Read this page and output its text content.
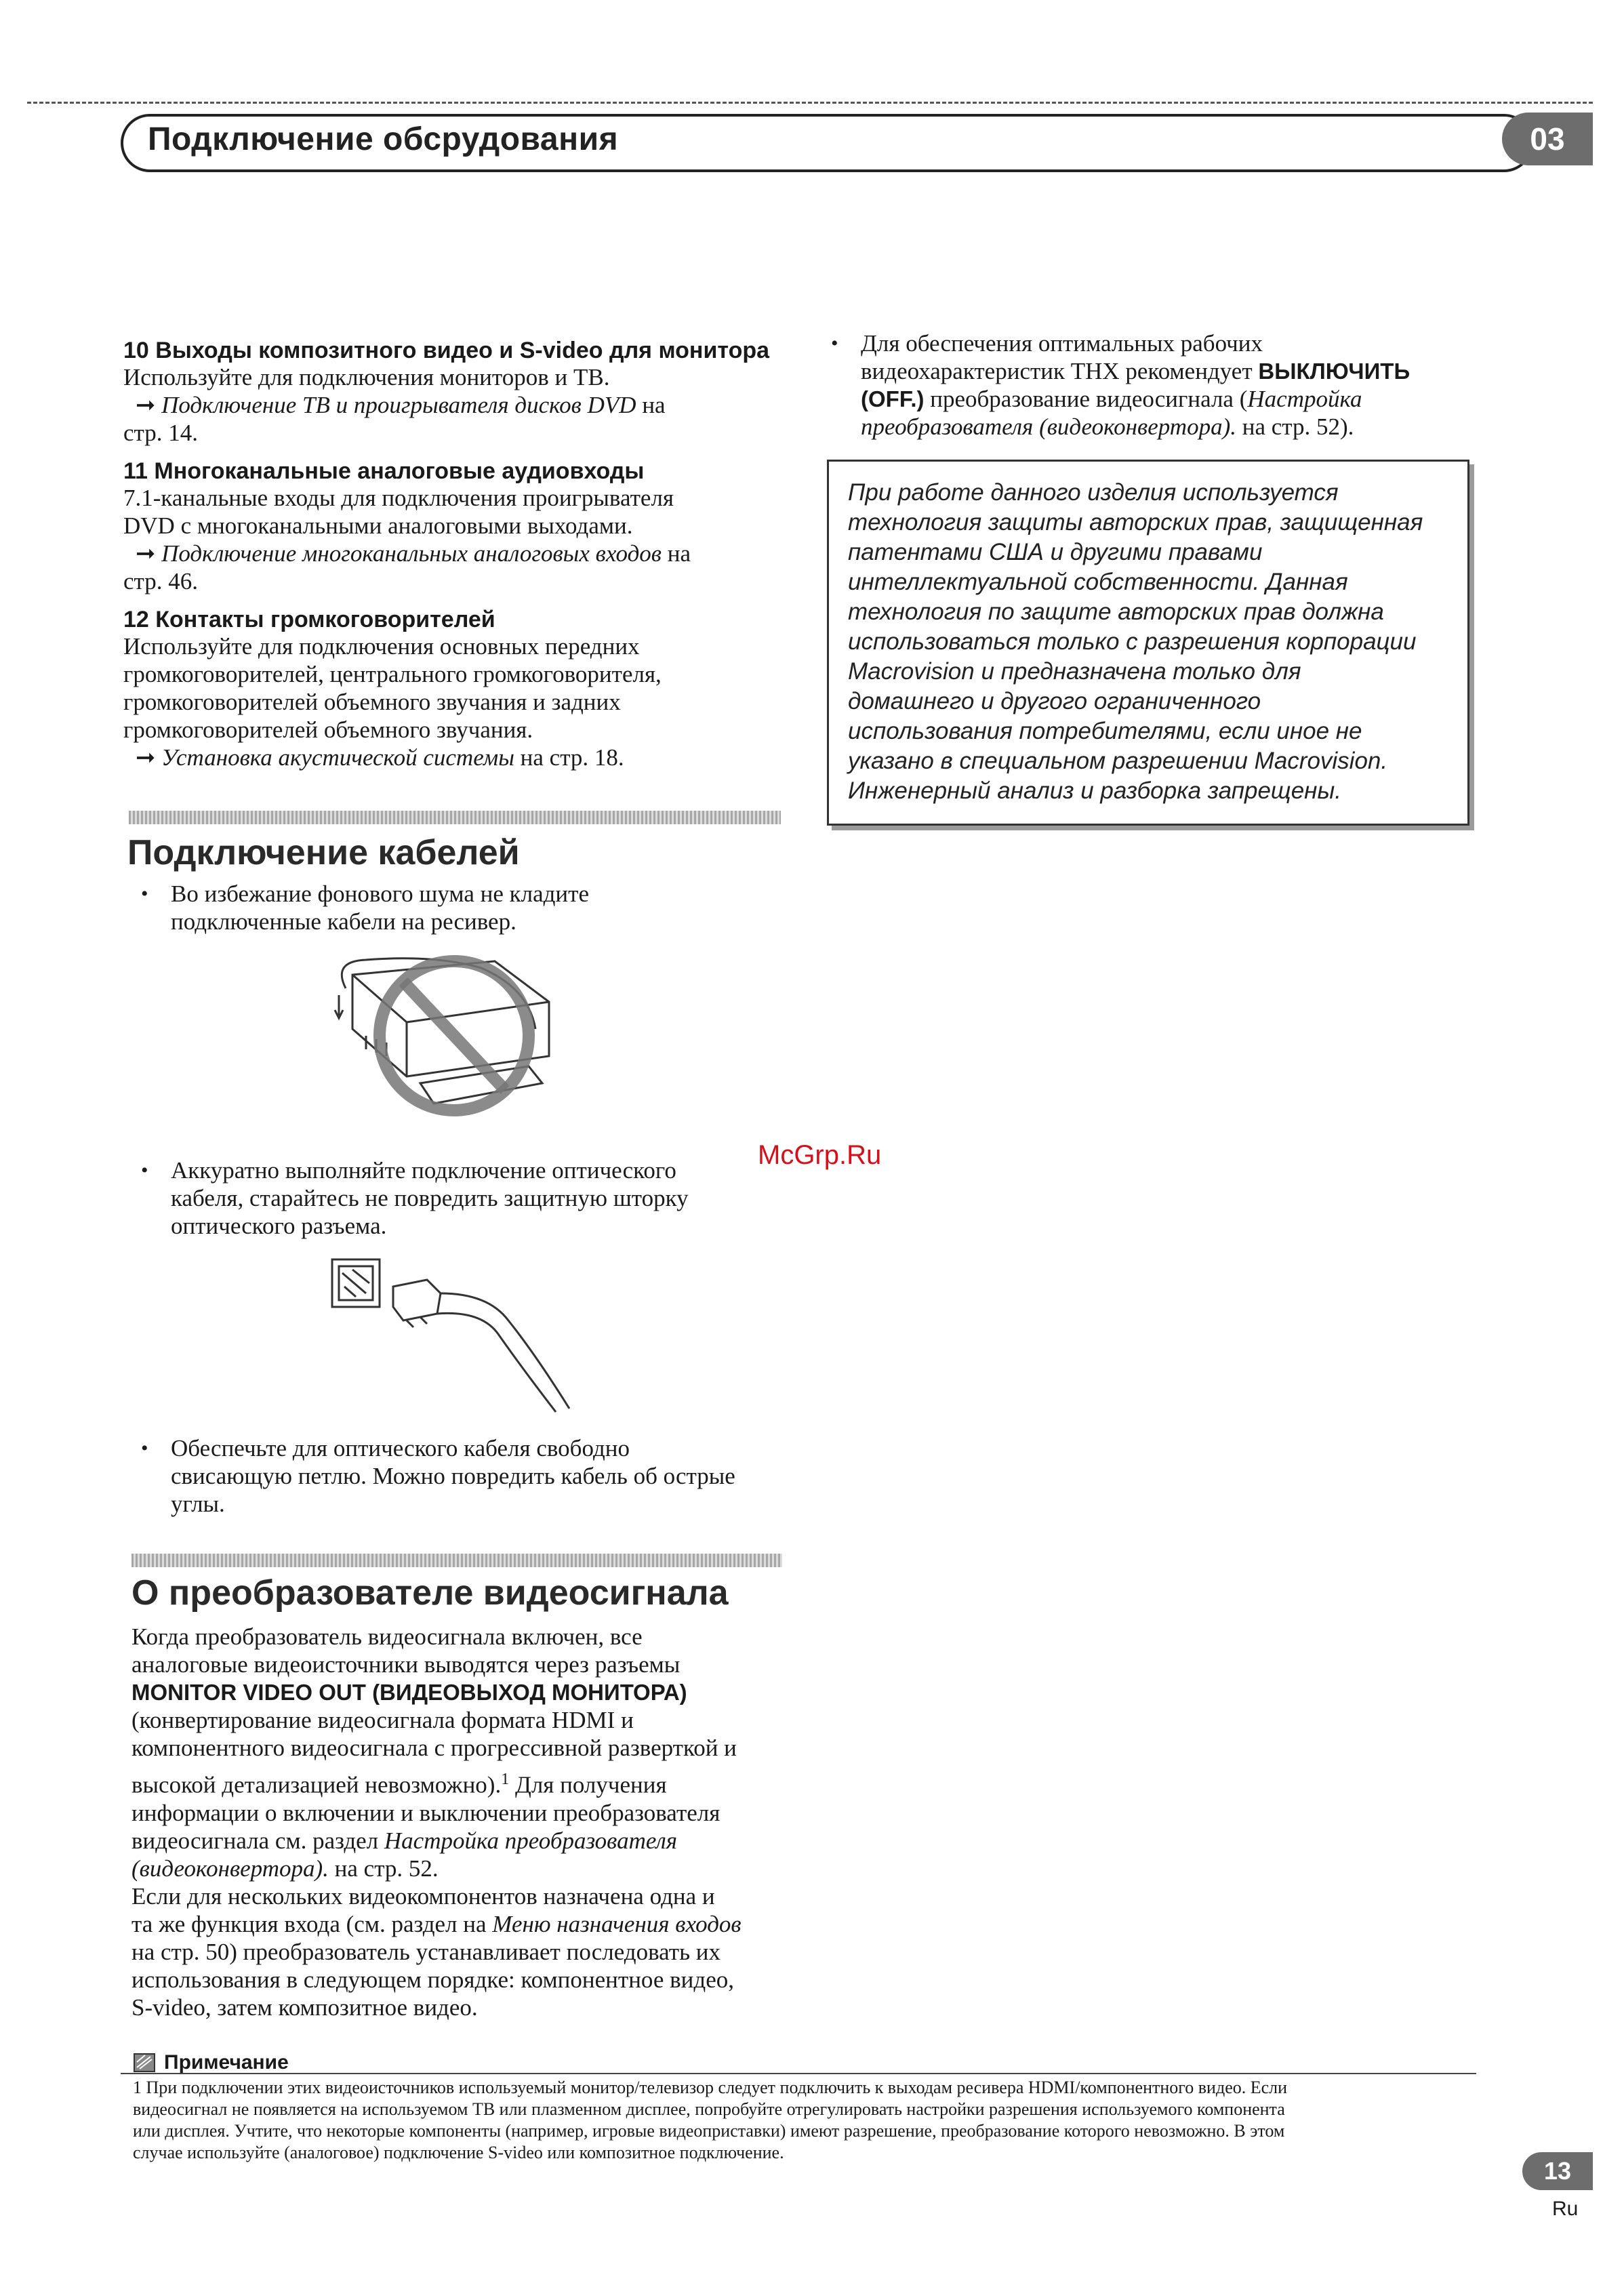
Подключение обсрудования	03
10 Выходы композитного видео и S-video для монитора
Используйте для подключения мониторов и ТВ.
➞ Подключение ТВ и проигрывателя дисков DVD на
стр. 14.
11 Многоканальные аналоговые аудиовходы
7.1-канальные входы для подключения проигрывателя
DVD с многоканальными аналоговыми выходами.
➞ Подключение многоканальных аналоговых входов на
стр. 46.
12 Контакты громкоговорителей
Используйте для подключения основных передних
громкоговорителей, центрального громкоговорителя,
громкоговорителей объемного звучания и задних
громкоговорителей объемного звучания.
➞ Установка акустической системы на стр. 18.
Подключение кабелей
• Во избежание фонового шума не кладите
подключенные кабели на ресивер.
• Аккуратно выполняйте подключение оптического
кабеля, старайтесь не повредить защитную шторку
оптического разъема.
• Обеспечьте для оптического кабеля свободно
свисающую петлю. Можно повредить кабель об острые
углы.
О преобразователе видеосигнала
Когда преобразователь видеосигнала включен, все
аналоговые видеоисточники выводятся через разъемы
MONITOR VIDEO OUT (ВИДЕОВЫХОД МОНИТОРА)
(конвертирование видеосигнала формата HDMI и
компонентного видеосигнала с прогрессивной разверткой и
высокой детализацией невозможно).$^1$ Для получения
информации о включении и выключении преобразователя
видеосигнала см. раздел Настройка преобразователя
(видеоконвертора). на стр. 52.
Если для нескольких видеокомпонентов назначена одна и
та же функция входа (см. раздел на Меню назначения входов
на стр. 50) преобразователь устанавливает последовать их
использования в следующем порядке: компонентное видео,
S-video, затем композитное видео.
• Для обеспечения оптимальных рабочих
видеохарактеристик THX рекомендует ВЫКЛЮЧИТЬ
(OFF.) преобразование видеосигнала (Настройка
преобразователя (видеоконвертора). на стр. 52).
При работе данного изделия используется
технология защиты авторских прав, защищенная
патентами США и другими правами
интеллектуальной собственности. Данная
технология по защите авторских прав должна
использоваться только с разрешения корпорации
Macrovision и предназначена только для
домашнего и другого ограниченного
использования потребителями, если иное не
указано в специальном разрешении Macrovision.
Инженерный анализ и разборка запрещены.
McGrp.Ru
Примечание
1 При подключении этих видеоисточников используемый монитор/телевизор следует подключить к выходам ресивера HDMI/компонентного видео. Если
видеосигнал не появляется на используемом ТВ или плазменном дисплее, попробуйте отрегулировать настройки разрешения используемого компонента
или дисплея. Учтите, что некоторые компоненты (например, игровые видеоприставки) имеют разрешение, преобразование которого невозможно. В этом
случае используйте (аналоговое) подключение S-video или композитное подключение.
13
Ru
